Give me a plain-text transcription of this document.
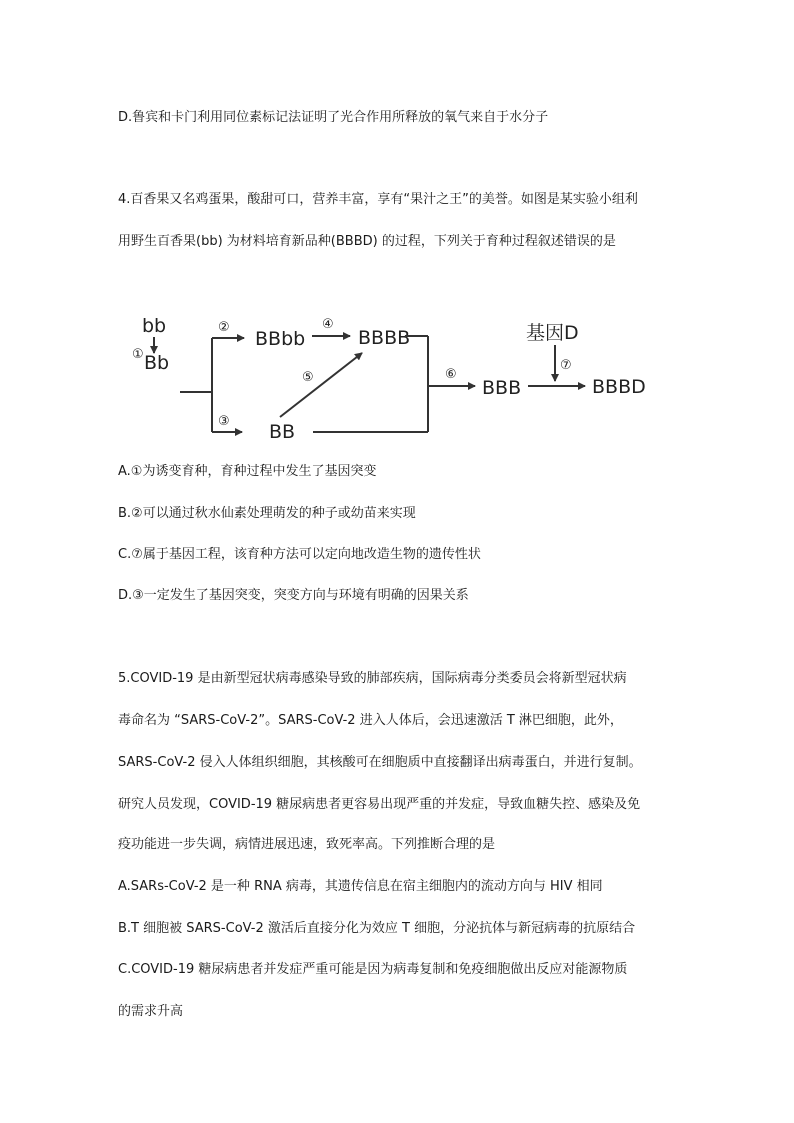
D.鲁宾和卡门利用同位素标记法证明了光合作用所释放的氧气来自于水分子
4.百香果又名鸡蛋果，酸甜可口，营养丰富，享有“果汁之王”的美誉。如图是某实验小组利
用野生百香果(bb) 为材料培育新品种(BBBD) 的过程，下列关于育种过程叙述错误的是
bb
Bb
BBbb	BBBB
BB
BBB	BBBD
基因D
①
②
③
④
⑤	⑥
⑦
A.①为诱变育种，育种过程中发生了基因突变
B.②可以通过秋水仙素处理萌发的种子或幼苗来实现
C.⑦属于基因工程，该育种方法可以定向地改造生物的遗传性状
D.③一定发生了基因突变，突变方向与环境有明确的因果关系
5.COVID-19 是由新型冠状病毒感染导致的肺部疾病，国际病毒分类委员会将新型冠状病
毒命名为 “SARS-CoV-2”。SARS-CoV-2 进入人体后，会迅速激活 T 淋巴细胞，此外，
SARS-CoV-2 侵入人体组织细胞，其核酸可在细胞质中直接翻译出病毒蛋白，并进行复制。
研究人员发现，COVID-19 糖尿病患者更容易出现严重的并发症，导致血糖失控、感染及免
疫功能进一步失调，病情进展迅速，致死率高。下列推断合理的是
A.SARs-CoV-2 是一种 RNA 病毒，其遗传信息在宿主细胞内的流动方向与 HIV 相同
B.T 细胞被 SARS-CoV-2 激活后直接分化为效应 T 细胞，分泌抗体与新冠病毒的抗原结合
C.COVID-19 糖尿病患者并发症严重可能是因为病毒复制和免疫细胞做出反应对能源物质
的需求升高
